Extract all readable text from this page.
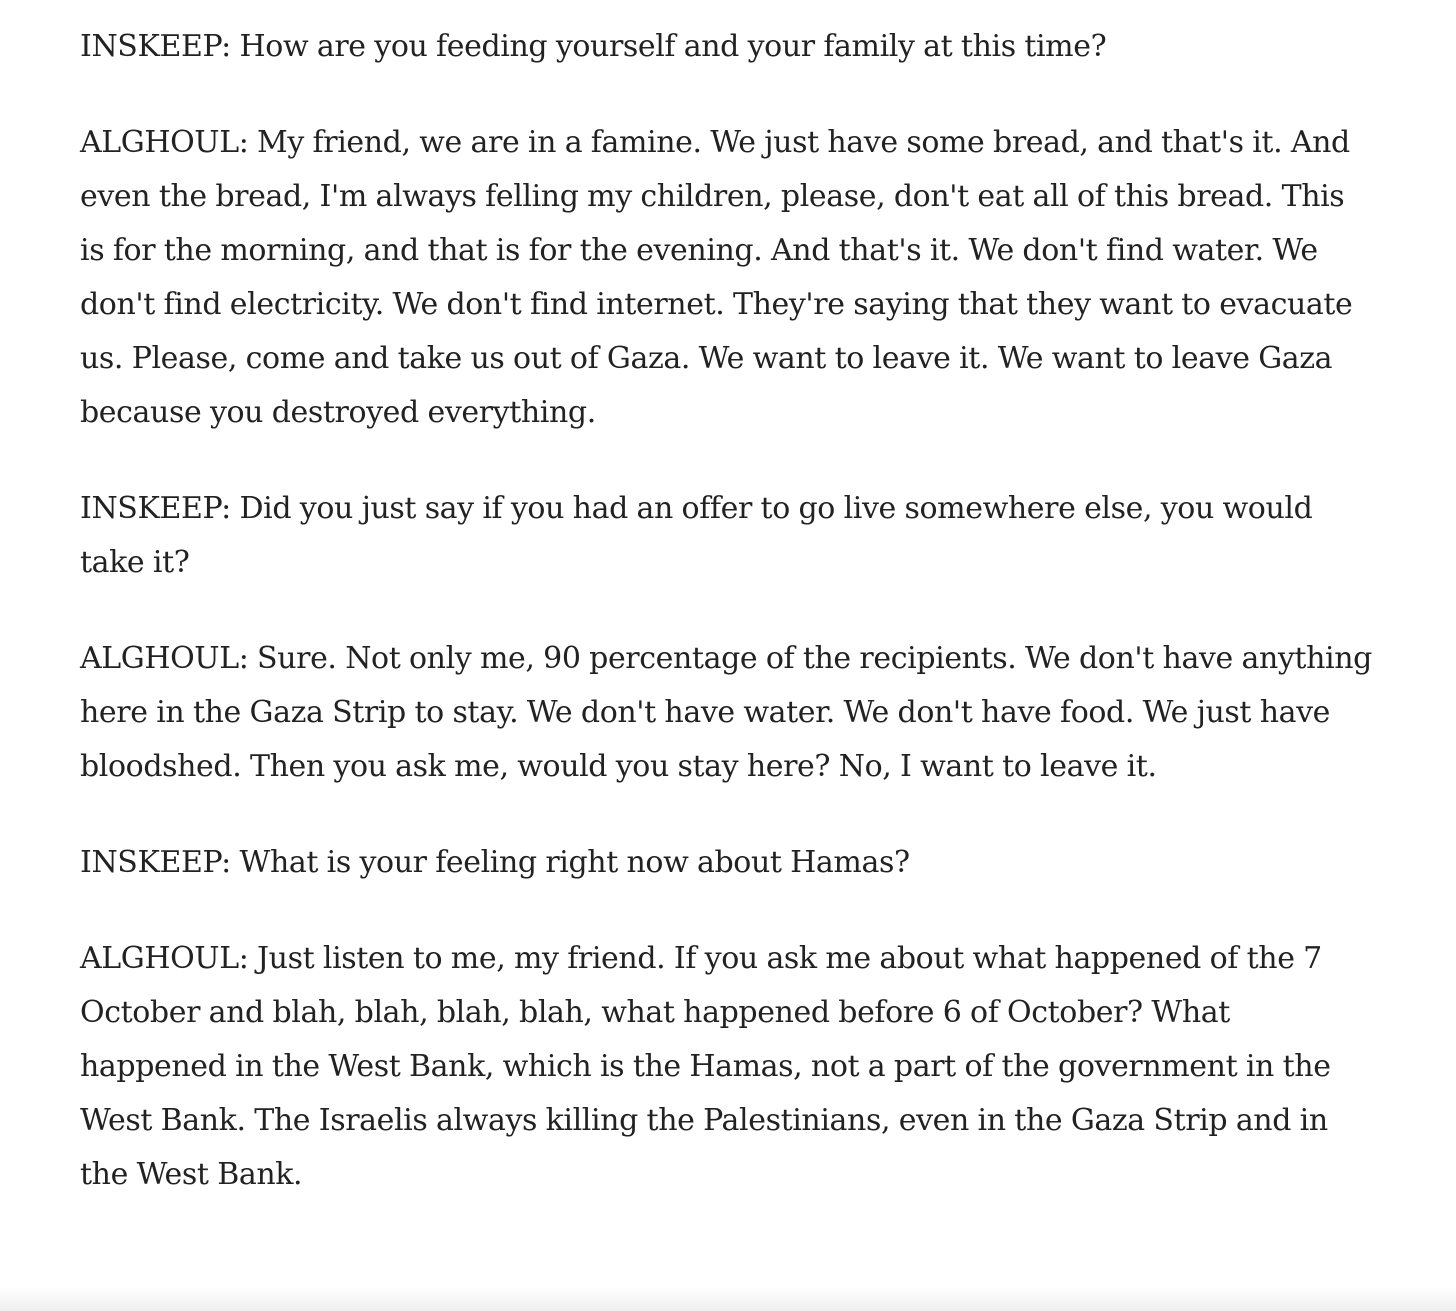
INSKEEP: How are you feeding yourself and your family at this time?

ALGHOUL: My friend, we are in a famine. We just have some bread, and that's it. And even the bread, I'm always felling my children, please, don't eat all of this bread. This is for the morning, and that is for the evening. And that's it. We don't find water. We don't find electricity. We don't find internet. They're saying that they want to evacuate us. Please, come and take us out of Gaza. We want to leave it. We want to leave Gaza because you destroyed everything.

INSKEEP: Did you just say if you had an offer to go live somewhere else, you would take it?

ALGHOUL: Sure. Not only me, 90 percentage of the recipients. We don't have anything here in the Gaza Strip to stay. We don't have water. We don't have food. We just have bloodshed. Then you ask me, would you stay here? No, I want to leave it.

INSKEEP: What is your feeling right now about Hamas?

ALGHOUL: Just listen to me, my friend. If you ask me about what happened of the 7 October and blah, blah, blah, blah, what happened before 6 of October? What happened in the West Bank, which is the Hamas, not a part of the government in the West Bank. The Israelis always killing the Palestinians, even in the Gaza Strip and in the West Bank.
